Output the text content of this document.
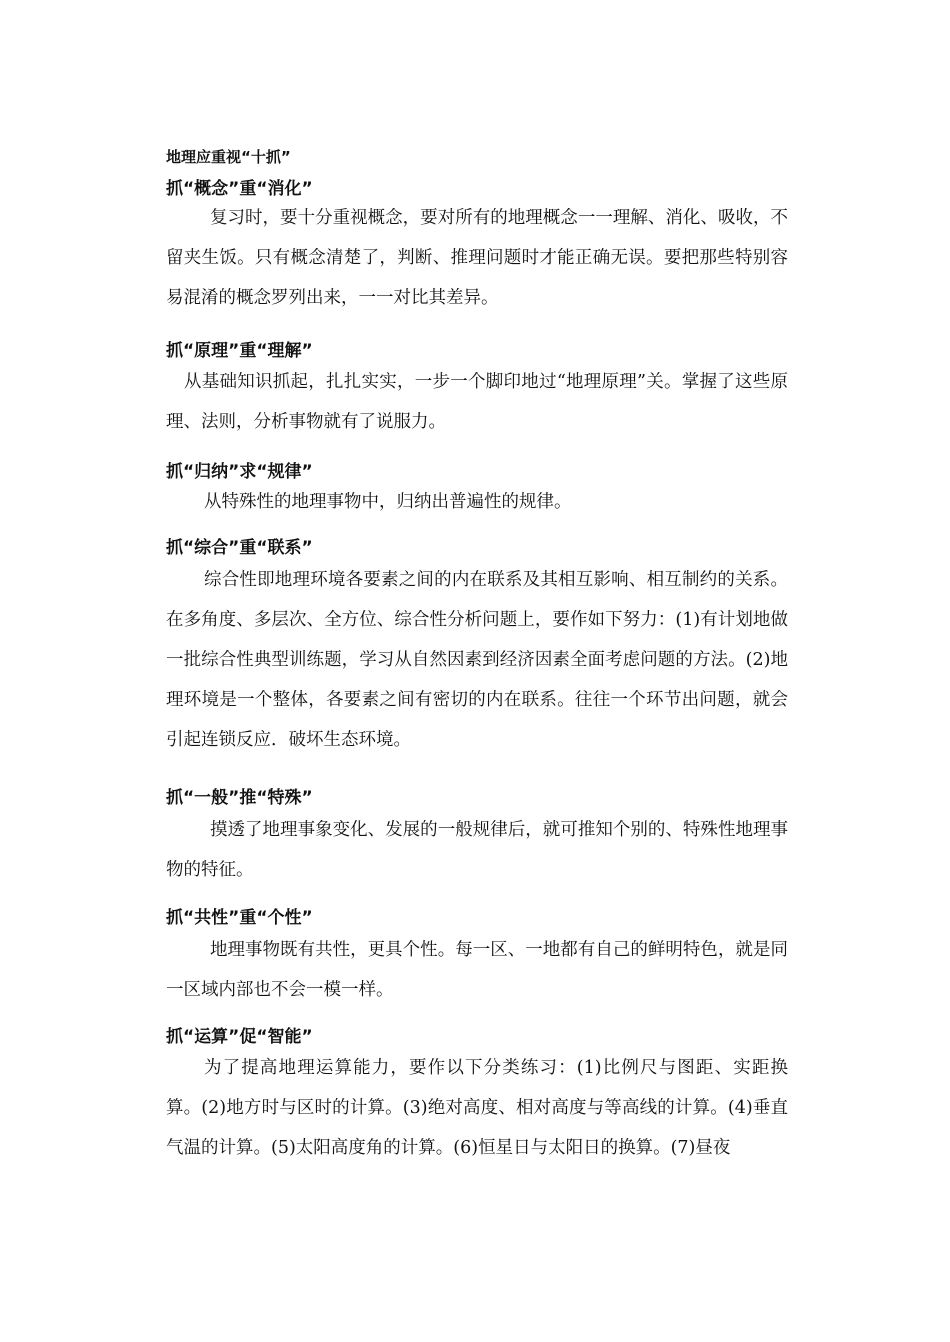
地理应重视“十抓”
抓“概念”重“消化”

复习时，要十分重视概念，要对所有的地理概念一一理解、消化、吸收，不留夹生饭。只有概念清楚了，判断、推理问题时才能正确无误。要把那些特别容易混淆的概念罗列出来，一一对比其差异。

抓“原理”重“理解”

从基础知识抓起，扎扎实实，一步一个脚印地过“地理原理”关。掌握了这些原理、法则，分析事物就有了说服力。

抓“归纳”求“规律”

从特殊性的地理事物中，归纳出普遍性的规律。

抓“综合”重“联系”

综合性即地理环境各要素之间的内在联系及其相互影响、相互制约的关系。在多角度、多层次、全方位、综合性分析问题上，要作如下努力：(1)有计划地做一批综合性典型训练题，学习从自然因素到经济因素全面考虑问题的方法。(2)地理环境是一个整体，各要素之间有密切的内在联系。往往一个环节出问题，就会引起连锁反应．破坏生态环境。

抓“一般”推“特殊”

摸透了地理事象变化、发展的一般规律后，就可推知个别的、特殊性地理事物的特征。

抓“共性”重“个性”

地理事物既有共性，更具个性。每一区、一地都有自己的鲜明特色，就是同一区域内部也不会一模一样。

抓“运算”促“智能”

为了提高地理运算能力，要作以下分类练习：(1)比例尺与图距、实距换算。(2)地方时与区时的计算。(3)绝对高度、相对高度与等高线的计算。(4)垂直气温的计算。(5)太阳高度角的计算。(6)恒星日与太阳日的换算。(7)昼夜
